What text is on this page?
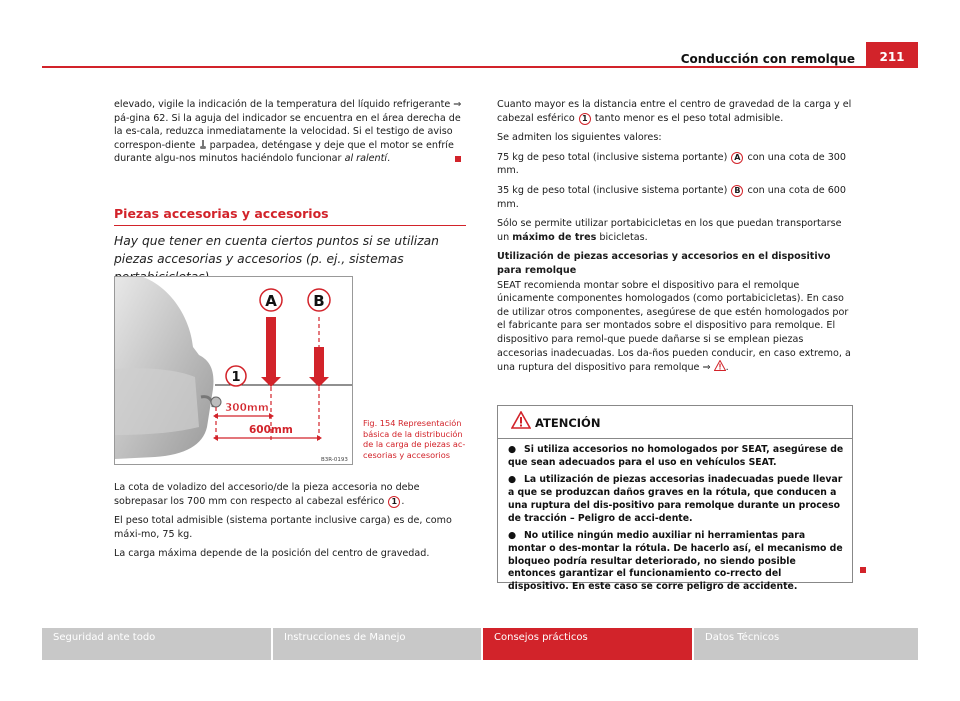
Conducción con remolque	211

elevado, vigile la indicación de la temperatura del líquido refrigerante ⇒ pá-gina 62. Si la aguja del indicador se encuentra en el área derecha de la es-cala, reduzca inmediatamente la velocidad. Si el testigo de aviso correspon-diente parpadea, deténgase y deje que el motor se enfríe durante algu-nos minutos haciéndolo funcionar al ralentí.

Piezas accesorias y accesorios
Hay que tener en cuenta ciertos puntos si se utilizan piezas accesorias y accesorios (p. ej., sistemas
A B
1
300mm
600mm
B3R-0193
Fig. 154 Representación básica de la distribución de la carga de piezas ac-cesorias y accesorios

La cota de voladizo del accesorio/de la pieza accesoria no debe sobrepasar los 700 mm con respecto al cabezal esférico 1 .

El peso total admisible (sistema portante inclusive carga) es de, como máxi-mo, 75 kg.

La carga máxima depende de la posición del centro de gravedad.

Cuanto mayor es la distancia entre el centro de gravedad de la carga y el cabezal esférico 1 tanto menor es el peso total admisible.

Se admiten los siguientes valores:

75 kg de peso total (inclusive sistema portante) A con una cota de 300 mm.

35 kg de peso total (inclusive sistema portante) B con una cota de 600 mm.

Sólo se permite utilizar portabicicletas en los que puedan transportarse un máximo de tres bicicletas.

Utilización de piezas accesorias y accesorios en el dispositivo para remolque

SEAT recomienda montar sobre el dispositivo para el remolque únicamente componentes homologados (como portabicicletas). En caso de utilizar otros componentes, asegúrese de que estén homologados por el fabricante para ser montados sobre el dispositivo para remolque. El dispositivo para remol-que puede dañarse si se emplean piezas accesorias inadecuadas. Los da-ños pueden conducir, en caso extremo, a una ruptura del dispositivo para remolque ⇒ .

ATENCIÓN
● Si utiliza accesorios no homologados por SEAT, asegúrese de que sean adecuados para el uso en vehículos SEAT.
● La utilización de piezas accesorias inadecuadas puede llevar a que se produzcan daños graves en la rótula, que conducen a una ruptura del dis-positivo para remolque durante un proceso de tracción – Peligro de acci-dente.
● No utilice ningún medio auxiliar ni herramientas para montar o des-montar la rótula. De hacerlo así, el mecanismo de bloqueo podría resultar deteriorado, no siendo posible entonces garantizar el funcionamiento co-rrecto del dispositivo. En este caso se corre peligro de accidente.
Seguridad ante todo	Instrucciones de Manejo	Consejos prácticos	Datos Técnicos
